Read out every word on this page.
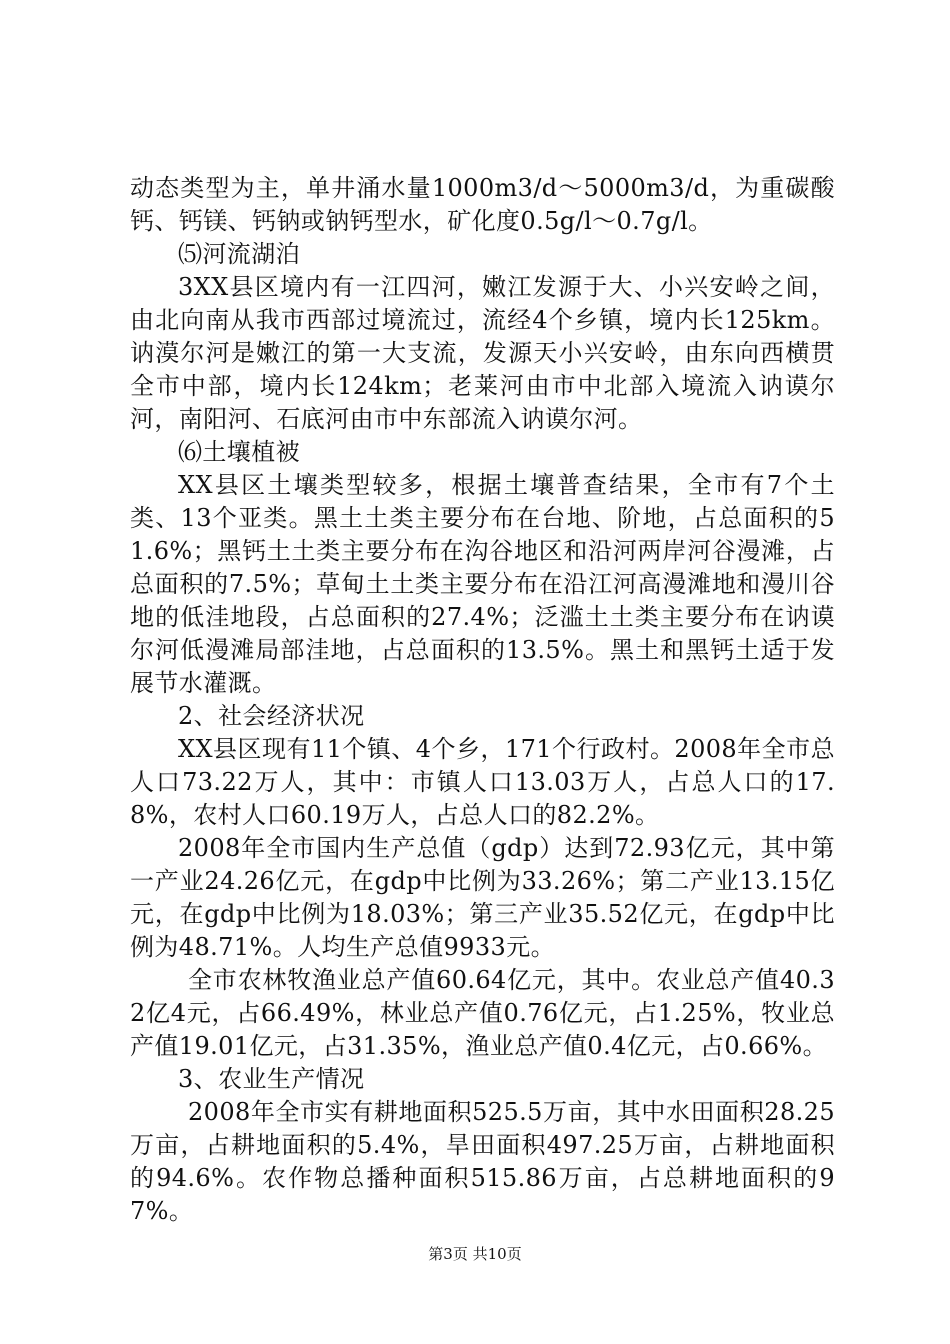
动态类型为主，单井涌水量1000m3/d～5000m3/d，为重碳酸钙、钙镁、钙钠或钠钙型水，矿化度0.5g/l～0.7g/l。

⑸河流湖泊

3XX县区境内有一江四河，嫩江发源于大、小兴安岭之间，由北向南从我市西部过境流过，流经4个乡镇，境内长125km。讷漠尔河是嫩江的第一大支流，发源天小兴安岭，由东向西横贯全市中部，境内长124km；老莱河由市中北部入境流入讷谟尔河，南阳河、石底河由市中东部流入讷谟尔河。

⑹土壤植被

XX县区土壤类型较多，根据土壤普查结果，全市有7个土类、13个亚类。黑土土类主要分布在台地、阶地，占总面积的51.6%；黑钙土土类主要分布在沟谷地区和沿河两岸河谷漫滩，占总面积的7.5%；草甸土土类主要分布在沿江河高漫滩地和漫川谷地的低洼地段，占总面积的27.4%；泛滥土土类主要分布在讷谟尔河低漫滩局部洼地，占总面积的13.5%。黑土和黑钙土适于发展节水灌溉。

2、社会经济状况

XX县区现有11个镇、4个乡，171个行政村。2008年全市总人口73.22万人，其中：市镇人口13.03万人，占总人口的17.8%，农村人口60.19万人，占总人口的82.2%。

2008年全市国内生产总值（gdp）达到72.93亿元，其中第一产业24.26亿元，在gdp中比例为33.26%；第二产业13.15亿元，在gdp中比例为18.03%；第三产业35.52亿元，在gdp中比例为48.71%。人均生产总值9933元。

全市农林牧渔业总产值60.64亿元，其中。农业总产值40.32亿4元，占66.49%，林业总产值0.76亿元，占1.25%，牧业总产值19.01亿元，占31.35%，渔业总产值0.4亿元，占0.66%。

3、农业生产情况

2008年全市实有耕地面积525.5万亩，其中水田面积28.25万亩，占耕地面积的5.4%，旱田面积497.25万亩，占耕地面积的94.6%。农作物总播种面积515.86万亩，占总耕地面积的97%。

第3页 共10页
